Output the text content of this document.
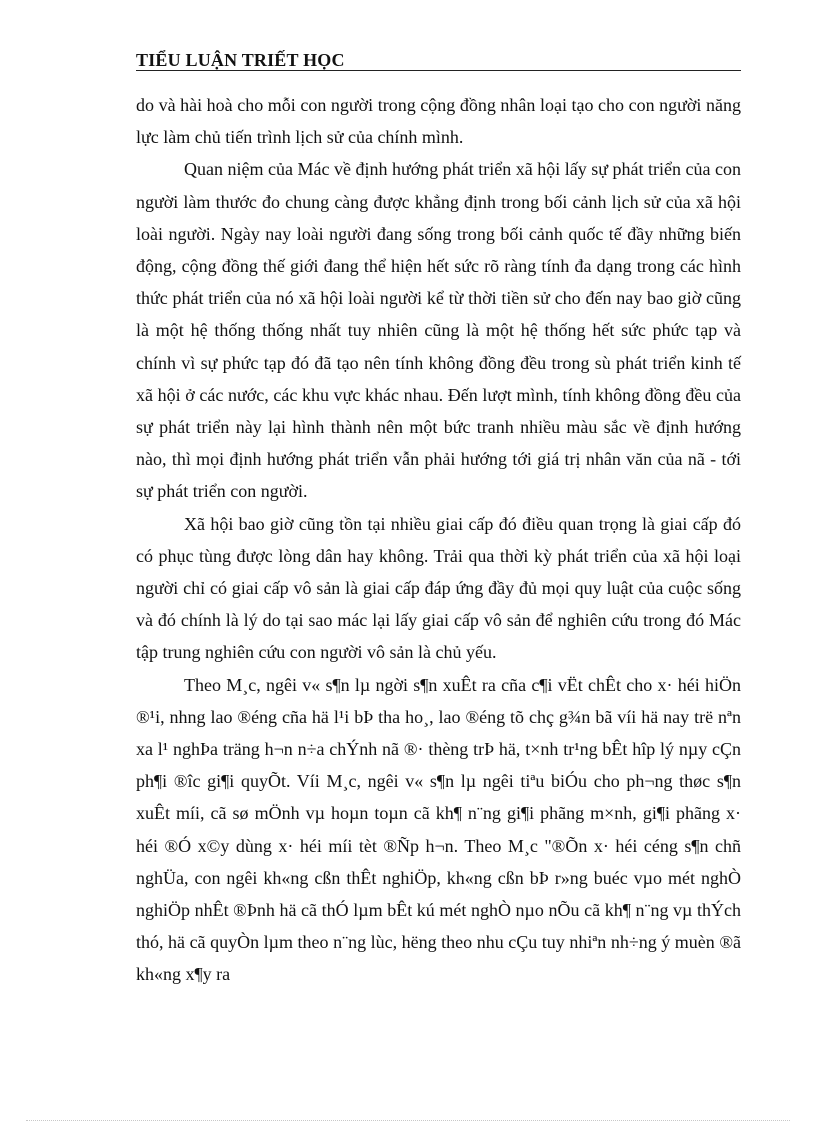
TIỂU LUẬN TRIẾT HỌC

do và hài hoà cho mỗi con người trong cộng đồng nhân loại tạo cho con người năng lực làm chủ tiến trình lịch sử của chính mình.

Quan niệm của Mác về định hướng phát triển xã hội lấy sự phát triển của con người làm thước đo chung càng được khẳng định trong bối cảnh lịch sử của xã hội loài người. Ngày nay loài người đang sống trong bối cảnh quốc tế đầy những biến động, cộng đồng thế giới đang thể hiện hết sức rõ ràng tính đa dạng trong các hình thức phát triển của nó xã hội loài người kể từ thời tiền sử cho đến nay bao giờ cũng là một hệ thống thống nhất tuy nhiên cũng là một hệ thống hết sức phức tạp và chính vì sự phức tạp đó đã tạo nên tính không đồng đều trong sù phát triển kinh tế xã hội ở các nước, các khu vực khác nhau. Đến lượt mình, tính không đồng đều của sự phát triển này lại hình thành nên một bức tranh nhiều màu sắc về định hướng nào, thì mọi định hướng phát triển vẫn phải hướng tới giá trị nhân văn của nã - tới sự phát triển con người.

Xã hội bao giờ cũng tồn tại nhiều giai cấp đó điều quan trọng là giai cấp đó có phục tùng được lòng dân hay không. Trải qua thời kỳ phát triển của xã hội loại người chỉ có giai cấp vô sản là giai cấp đáp ứng đầy đủ mọi quy luật của cuộc sống và đó chính là lý do tại sao mác lại lấy giai cấp vô sản để nghiên cứu trong đó Mác tập trung nghiên cứu con người vô sản là chủ yếu.

Theo M¸c, ngêi v« s¶n lµ ngời s¶n xuÊt ra cña c¶i vËt chÊt cho x· héi hiÖn ®¹i, nhng lao ®éng cña hä l¹i bÞ tha ho¸, lao ®éng tõ chç g¾n bã víi hä nay trë nªn xa l¹ nghÞa träng h¬n n÷a chÝnh nã ®· thèng trÞ hä, t×nh tr¹ng bÊt hîp lý nµy cÇn ph¶i ®îc gi¶i quyÕt. Víi M¸c, ngêi v« s¶n lµ ngêi tiªu biÓu cho ph¬ng thøc s¶n xuÊt míi, cã sø mÖnh vµ hoµn toµn cã kh¶ n¨ng gi¶i phãng m×nh, gi¶i phãng x· héi ®Ó x©y dùng x· héi míi tèt ®Ñp h¬n. Theo M¸c "®Õn x· héi céng s¶n chñ nghÜa, con ngêi kh«ng cßn thÊt nghiÖp, kh«ng cßn bÞ r»ng buéc vµo mét nghÒ nghiÖp nhÊt ®Þnh hä cã thÓ lµm bÊt kú mét nghÒ nµo nÕu cã kh¶ n¨ng vµ thÝch thó, hä cã quyÒn lµm theo n¨ng lùc, hëng theo nhu cÇu tuy nhiªn nh÷ng ý muèn ®ã kh«ng x¶y ra
